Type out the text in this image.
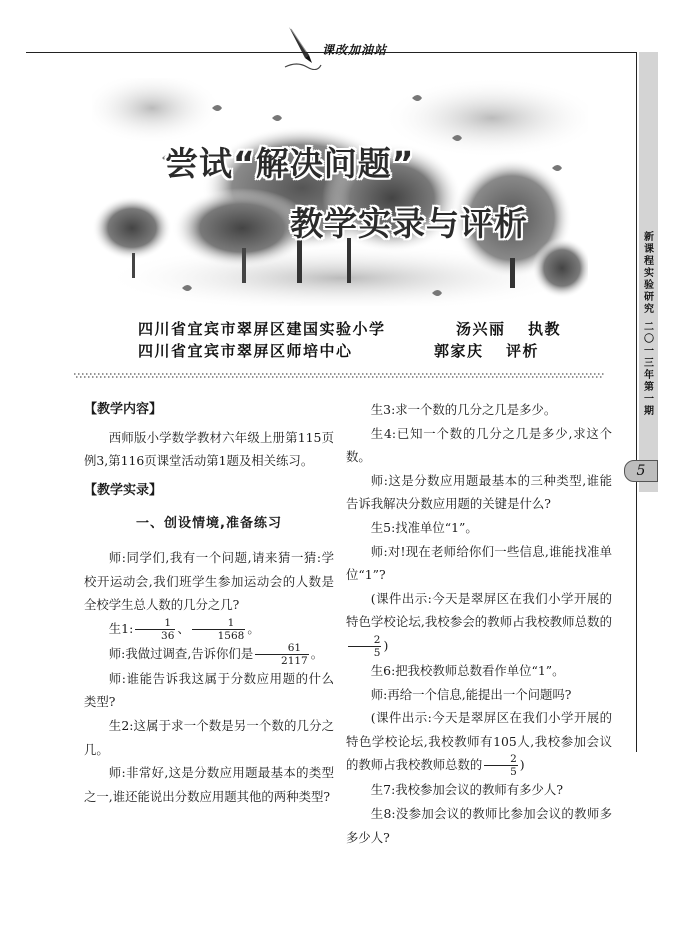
课改加油站
新课程实验研究
二〇一三年第一期
5
尝试“解决问题”
教学实录与评析
四川省宜宾市翠屏区建国实验小学	汤兴丽 执教
四川省宜宾市翠屏区师培中心	郭家庆 评析

【教学内容】

西师版小学数学教材六年级上册第115页例3,第116页课堂活动第1题及相关练习。

【教学实录】

一、创设情境,准备练习

师:同学们,我有一个问题,请来猜一猜:学校开运动会,我们班学生参加运动会的人数是全校学生总人数的几分之几?

生1: $\frac{1}{36}$ 、 $\frac{1}{1568}$ 。

师:我做过调查,告诉你们是 $\frac{61}{2117}$ 。

师:谁能告诉我这属于分数应用题的什么类型?

生2:这属于求一个数是另一个数的几分之几。

师:非常好,这是分数应用题最基本的类型之一,谁还能说出分数应用题其他的两种类型?

生3:求一个数的几分之几是多少。

生4:已知一个数的几分之几是多少,求这个数。

师:这是分数应用题最基本的三种类型,谁能告诉我解决分数应用题的关键是什么?

生5:找准单位“1”。

师:对!现在老师给你们一些信息,谁能找准单位“1”?

(课件出示:今天是翠屏区在我们小学开展的特色学校论坛,我校参会的教师占我校教师总数的
$\frac{2}{5}$ )

生6:把我校教师总数看作单位“1”。

师:再给一个信息,能提出一个问题吗?

(课件出示:今天是翠屏区在我们小学开展的特色学校论坛,我校教师有105人,我校参加会议的教师占我校教师总数的 $\frac{2}{5}$ )

生7:我校参加会议的教师有多少人?

生8:没参加会议的教师比参加会议的教师多多少人?
